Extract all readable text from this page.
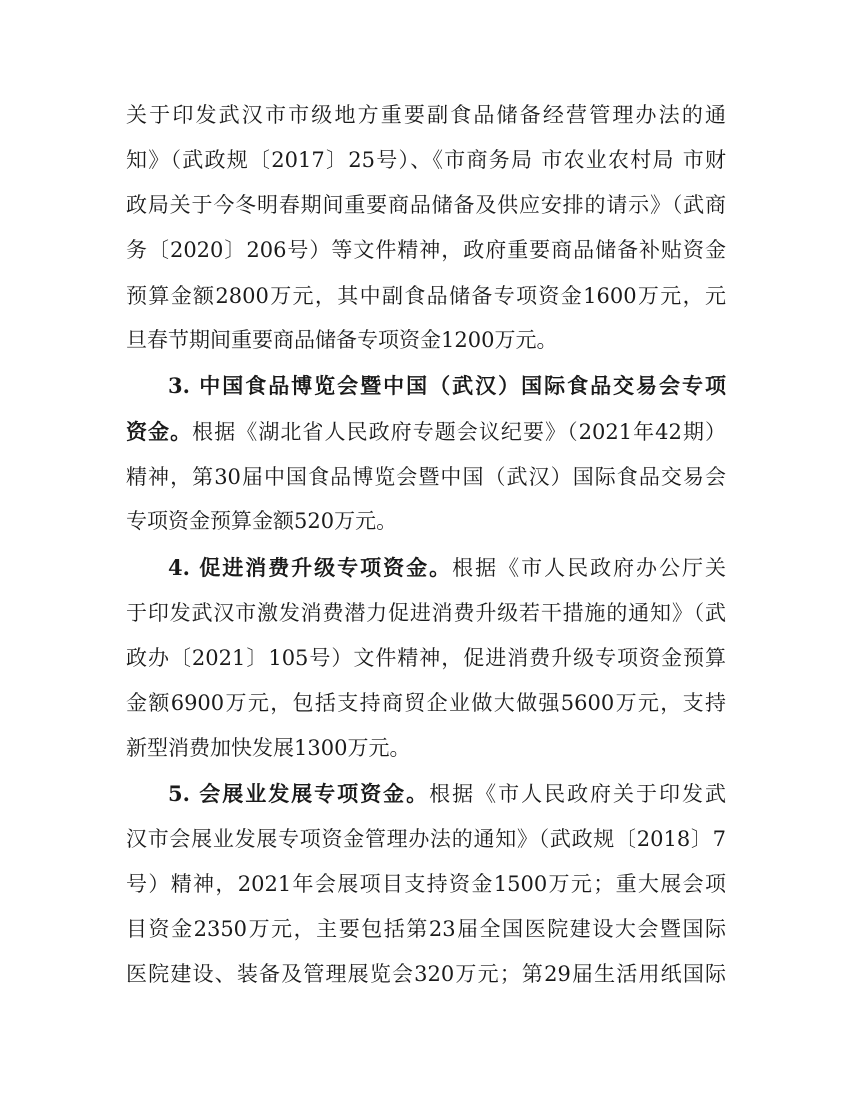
关于印发武汉市市级地方重要副食品储备经营管理办法的通
知》（武政规〔2017〕25号）、《市商务局 市农业农村局 市财
政局关于今冬明春期间重要商品储备及供应安排的请示》（武商
务〔2020〕206号）等文件精神，政府重要商品储备补贴资金
预算金额2800万元，其中副食品储备专项资金1600万元，元
旦春节期间重要商品储备专项资金1200万元。
3. 中国食品博览会暨中国（武汉）国际食品交易会专项
资金。根据《湖北省人民政府专题会议纪要》（2021年42期）
精神，第30届中国食品博览会暨中国（武汉）国际食品交易会
专项资金预算金额520万元。
4. 促进消费升级专项资金。根据《市人民政府办公厅关
于印发武汉市激发消费潜力促进消费升级若干措施的通知》（武
政办〔2021〕105号）文件精神，促进消费升级专项资金预算
金额6900万元，包括支持商贸企业做大做强5600万元，支持
新型消费加快发展1300万元。
5. 会展业发展专项资金。根据《市人民政府关于印发武
汉市会展业发展专项资金管理办法的通知》（武政规〔2018〕7
号）精神，2021年会展项目支持资金1500万元；重大展会项
目资金2350万元，主要包括第23届全国医院建设大会暨国际
医院建设、装备及管理展览会320万元；第29届生活用纸国际
